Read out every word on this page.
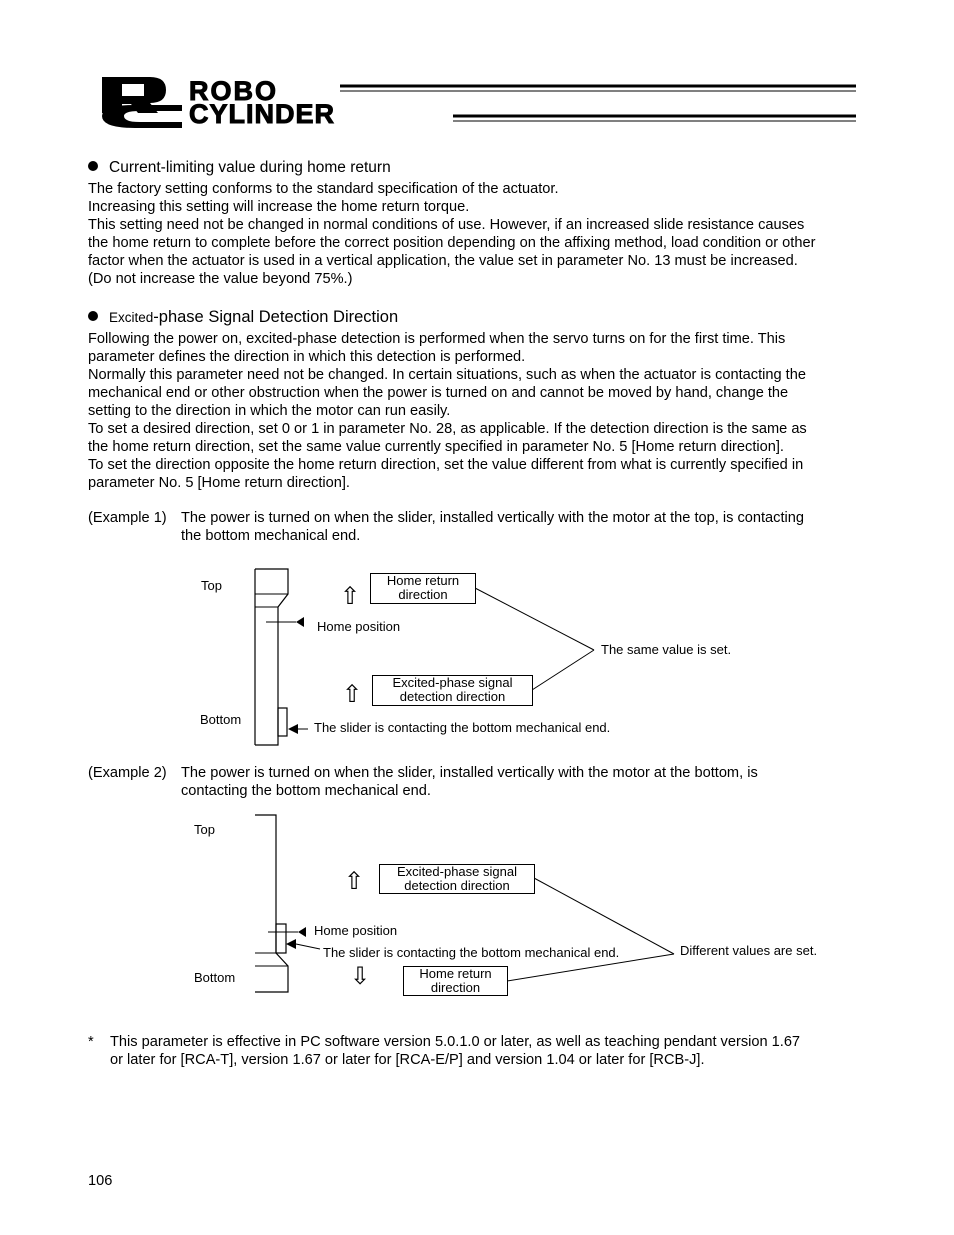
ROBO
CYLINDER
Current-limiting value during home return
The factory setting conforms to the standard specification of the actuator.
Increasing this setting will increase the home return torque.
This setting need not be changed in normal conditions of use. However, if an increased slide resistance causes
the home return to complete before the correct position depending on the affixing method, load condition or other
factor when the actuator is used in a vertical application, the value set in parameter No. 13 must be increased.
(Do not increase the value beyond 75%.)
Excited-phase Signal Detection Direction
Following the power on, excited-phase detection is performed when the servo turns on for the first time. This
parameter defines the direction in which this detection is performed.
Normally this parameter need not be changed. In certain situations, such as when the actuator is contacting the
mechanical end or other obstruction when the power is turned on and cannot be moved by hand, change the
setting to the direction in which the motor can run easily.
To set a desired direction, set 0 or 1 in parameter No. 28, as applicable. If the detection direction is the same as
the home return direction, set the same value currently specified in parameter No. 5 [Home return direction].
To set the direction opposite the home return direction, set the value different from what is currently specified in
parameter No. 5 [Home return direction].
(Example 1) The power is turned on when the slider, installed vertically with the motor at the top, is contacting
the bottom mechanical end.
Top
Bottom
Home return
direction
⇧
Home position
The same value is set.
Excited-phase signal
detection direction
⇧
The slider is contacting the bottom mechanical end.
(Example 2) The power is turned on when the slider, installed vertically with the motor at the bottom, is
contacting the bottom mechanical end.
Top
Bottom
Excited-phase signal
detection direction
⇧
Home position
The slider is contacting the bottom mechanical end.	Different values are set.
⇩	Home return
direction
* This parameter is effective in PC software version 5.0.1.0 or later, as well as teaching pendant version 1.67
or later for [RCA-T], version 1.67 or later for [RCA-E/P] and version 1.04 or later for [RCB-J].
106
